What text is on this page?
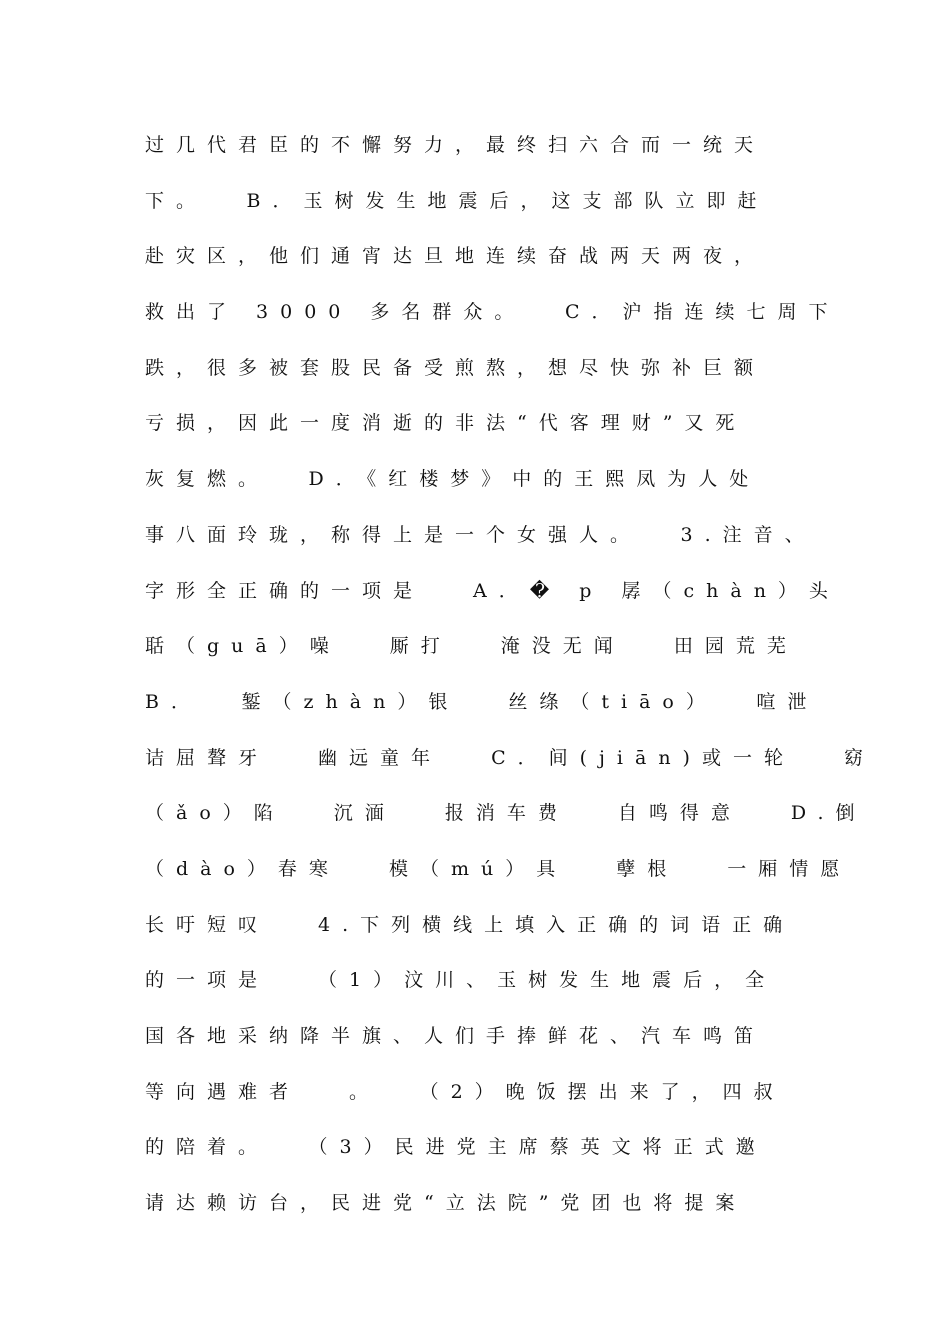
过几代君臣的不懈努力，最终扫六合而一统天
下。　 B．玉树发生地震后，这支部队立即赶
赴灾区，他们通宵达旦地连续奋战两天两夜，
救出了 3000 多名群众。　 C．沪指连续七周下
跌，很多被套股民备受煎熬，想尽快弥补巨额
亏损，因此一度消逝的非法“代客理财”又死
灰复燃。　 D．《红楼梦》中的王熙凤为人处
事八面玲珑，称得上是一个女强人。　 3.注音、
字形全正确的一项是　 A．� p 孱（chàn）头
聒（guā）噪　 厮打　 淹没无闻　 田园荒芜
B．　 錾（zhàn）银　 丝绦（tiāo）　 喧泄
诘屈聱牙　 幽远童年　 C．间(jiān)或一轮　 窈
（ǎo）陷　 沉湎　 报消车费　 自鸣得意　 D.倒
（dào）春寒　 模（mú）具　 孽根　 一厢情愿
长吁短叹　 4.下列横线上填入正确的词语正确
的一项是　 （1）汶川、玉树发生地震后，全
国各地采纳降半旗、人们手捧鲜花、汽车鸣笛
等向遇难者　 。　 （2）晚饭摆出来了，四叔
的陪着。　 （3）民进党主席蔡英文将正式邀
请达赖访台，民进党“立法院”党团也将提案
